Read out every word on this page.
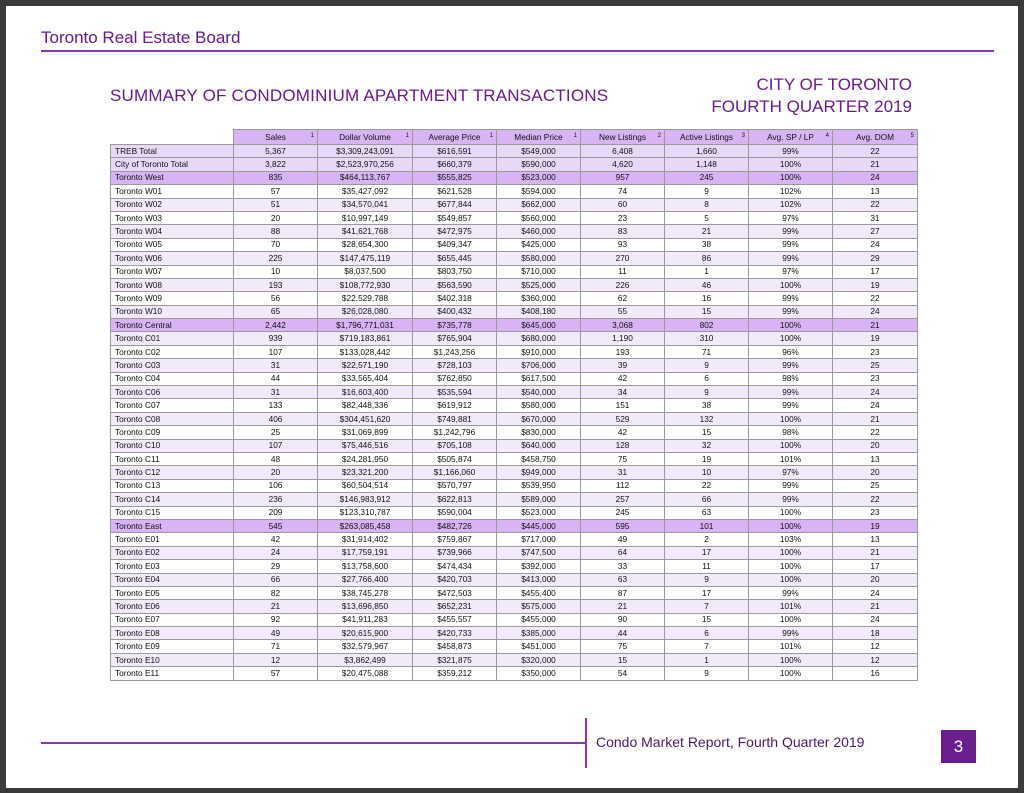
Toronto Real Estate Board
SUMMARY OF CONDOMINIUM APARTMENT TRANSACTIONS
CITY OF TORONTO
FOURTH QUARTER 2019
	Sales 1	Dollar Volume 1	Average Price 1	Median Price 1	New Listings 2	Active Listings 3	Avg. SP / LP 4	Avg. DOM 5

TREB Total	5,367	$3,309,243,091	$616,591	$549,000	6,408	1,660	99%	22
City of Toronto Total	3,822	$2,523,970,256	$660,379	$590,000	4,620	1,148	100%	21
Toronto West	835	$464,113,767	$555,825	$523,000	957	245	100%	24
Toronto W01	57	$35,427,092	$621,528	$594,000	74	9	102%	13
Toronto W02	51	$34,570,041	$677,844	$662,000	60	8	102%	22
Toronto W03	20	$10,997,149	$549,857	$560,000	23	5	97%	31
Toronto W04	88	$41,621,768	$472,975	$460,000	83	21	99%	27
Toronto W05	70	$28,654,300	$409,347	$425,000	93	38	99%	24
Toronto W06	225	$147,475,119	$655,445	$580,000	270	86	99%	29
Toronto W07	10	$8,037,500	$803,750	$710,000	11	1	97%	17
Toronto W08	193	$108,772,930	$563,590	$525,000	226	46	100%	19
Toronto W09	56	$22,529,788	$402,318	$360,000	62	16	99%	22
Toronto W10	65	$26,028,080	$400,432	$408,180	55	15	99%	24
Toronto Central	2,442	$1,796,771,031	$735,778	$645,000	3,068	802	100%	21
Toronto C01	939	$719,183,861	$765,904	$680,000	1,190	310	100%	19
Toronto C02	107	$133,028,442	$1,243,256	$910,000	193	71	96%	23
Toronto C03	31	$22,571,190	$728,103	$706,000	39	9	99%	25
Toronto C04	44	$33,565,404	$762,850	$617,500	42	6	98%	23
Toronto C06	31	$16,603,400	$535,594	$540,000	34	9	99%	24
Toronto C07	133	$82,448,336	$619,912	$580,000	151	38	99%	24
Toronto C08	406	$304,451,620	$749,881	$670,000	529	132	100%	21
Toronto C09	25	$31,069,899	$1,242,796	$830,000	42	15	98%	22
Toronto C10	107	$75,446,516	$705,108	$640,000	128	32	100%	20
Toronto C11	48	$24,281,950	$505,874	$458,750	75	19	101%	13
Toronto C12	20	$23,321,200	$1,166,060	$949,000	31	10	97%	20
Toronto C13	106	$60,504,514	$570,797	$539,950	112	22	99%	25
Toronto C14	236	$146,983,912	$622,813	$589,000	257	66	99%	22
Toronto C15	209	$123,310,787	$590,004	$523,000	245	63	100%	23
Toronto East	545	$263,085,458	$482,726	$445,000	595	101	100%	19
Toronto E01	42	$31,914,402	$759,867	$717,000	49	2	103%	13
Toronto E02	24	$17,759,191	$739,966	$747,500	64	17	100%	21
Toronto E03	29	$13,758,600	$474,434	$392,000	33	11	100%	17
Toronto E04	66	$27,766,400	$420,703	$413,000	63	9	100%	20
Toronto E05	82	$38,745,278	$472,503	$455,400	87	17	99%	24
Toronto E06	21	$13,696,850	$652,231	$575,000	21	7	101%	21
Toronto E07	92	$41,911,283	$455,557	$455,000	90	15	100%	24
Toronto E08	49	$20,615,900	$420,733	$385,000	44	6	99%	18
Toronto E09	71	$32,579,967	$458,873	$451,000	75	7	101%	12
Toronto E10	12	$3,862,499	$321,875	$320,000	15	1	100%	12
Toronto E11	57	$20,475,088	$359,212	$350,000	54	9	100%	16
Condo Market Report, Fourth Quarter 2019	3
